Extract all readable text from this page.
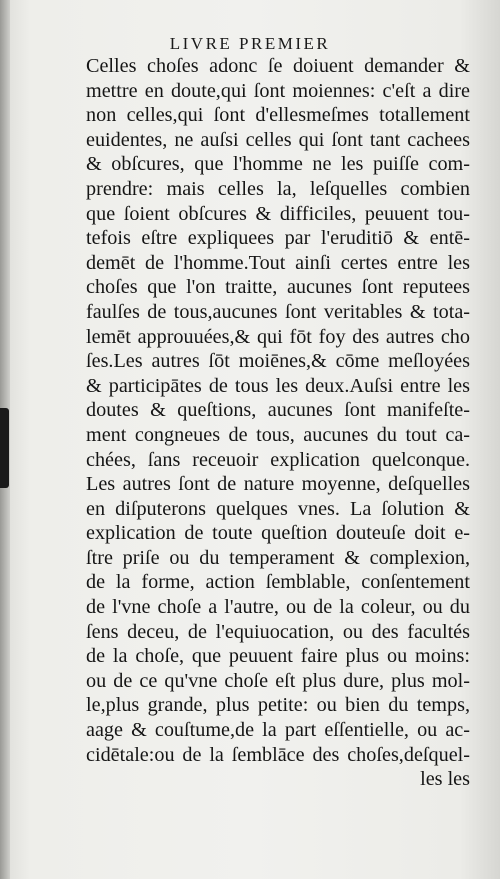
LIVRE PREMIER
Celles choſes adonc ſe doiuent demander &
mettre en doute,qui ſont moiennes: c'eſt a dire
non celles,qui ſont d'ellesmeſmes totallement
euidentes, ne auſsi celles qui ſont tant cachees
& obſcures, que l'homme ne les puiſſe com-
prendre: mais celles la, leſquelles combien
que ſoient obſcures & difficiles, peuuent tou-
tefois eſtre expliquees par l'eruditiō & entē-
demēt de l'homme.Tout ainſi certes entre les
choſes que l'on traitte, aucunes ſont reputees
faulſes de tous,aucunes ſont veritables & tota-
lemēt approuuées,& qui fōt foy des autres cho
ſes.Les autres ſōt moiēnes,& cōme meſloyées
& participātes de tous les deux.Auſsi entre les
doutes & queſtions, aucunes ſont manifeſte-
ment congneues de tous, aucunes du tout ca-
chées, ſans receuoir explication quelconque.
Les autres ſont de nature moyenne, deſquelles
en diſputerons quelques vnes. La ſolution &
explication de toute queſtion douteuſe doit e-
ſtre priſe ou du temperament & complexion,
de la forme, action ſemblable, conſentement
de l'vne choſe a l'autre, ou de la coleur, ou du
ſens deceu, de l'equiuocation, ou des facultés
de la choſe, que peuuent faire plus ou moins:
ou de ce qu'vne choſe eſt plus dure, plus mol-
le,plus grande, plus petite: ou bien du temps,
aage & couſtume,de la part eſſentielle, ou ac-
cidētale:ou de la ſemblāce des choſes,deſquel-
les les
